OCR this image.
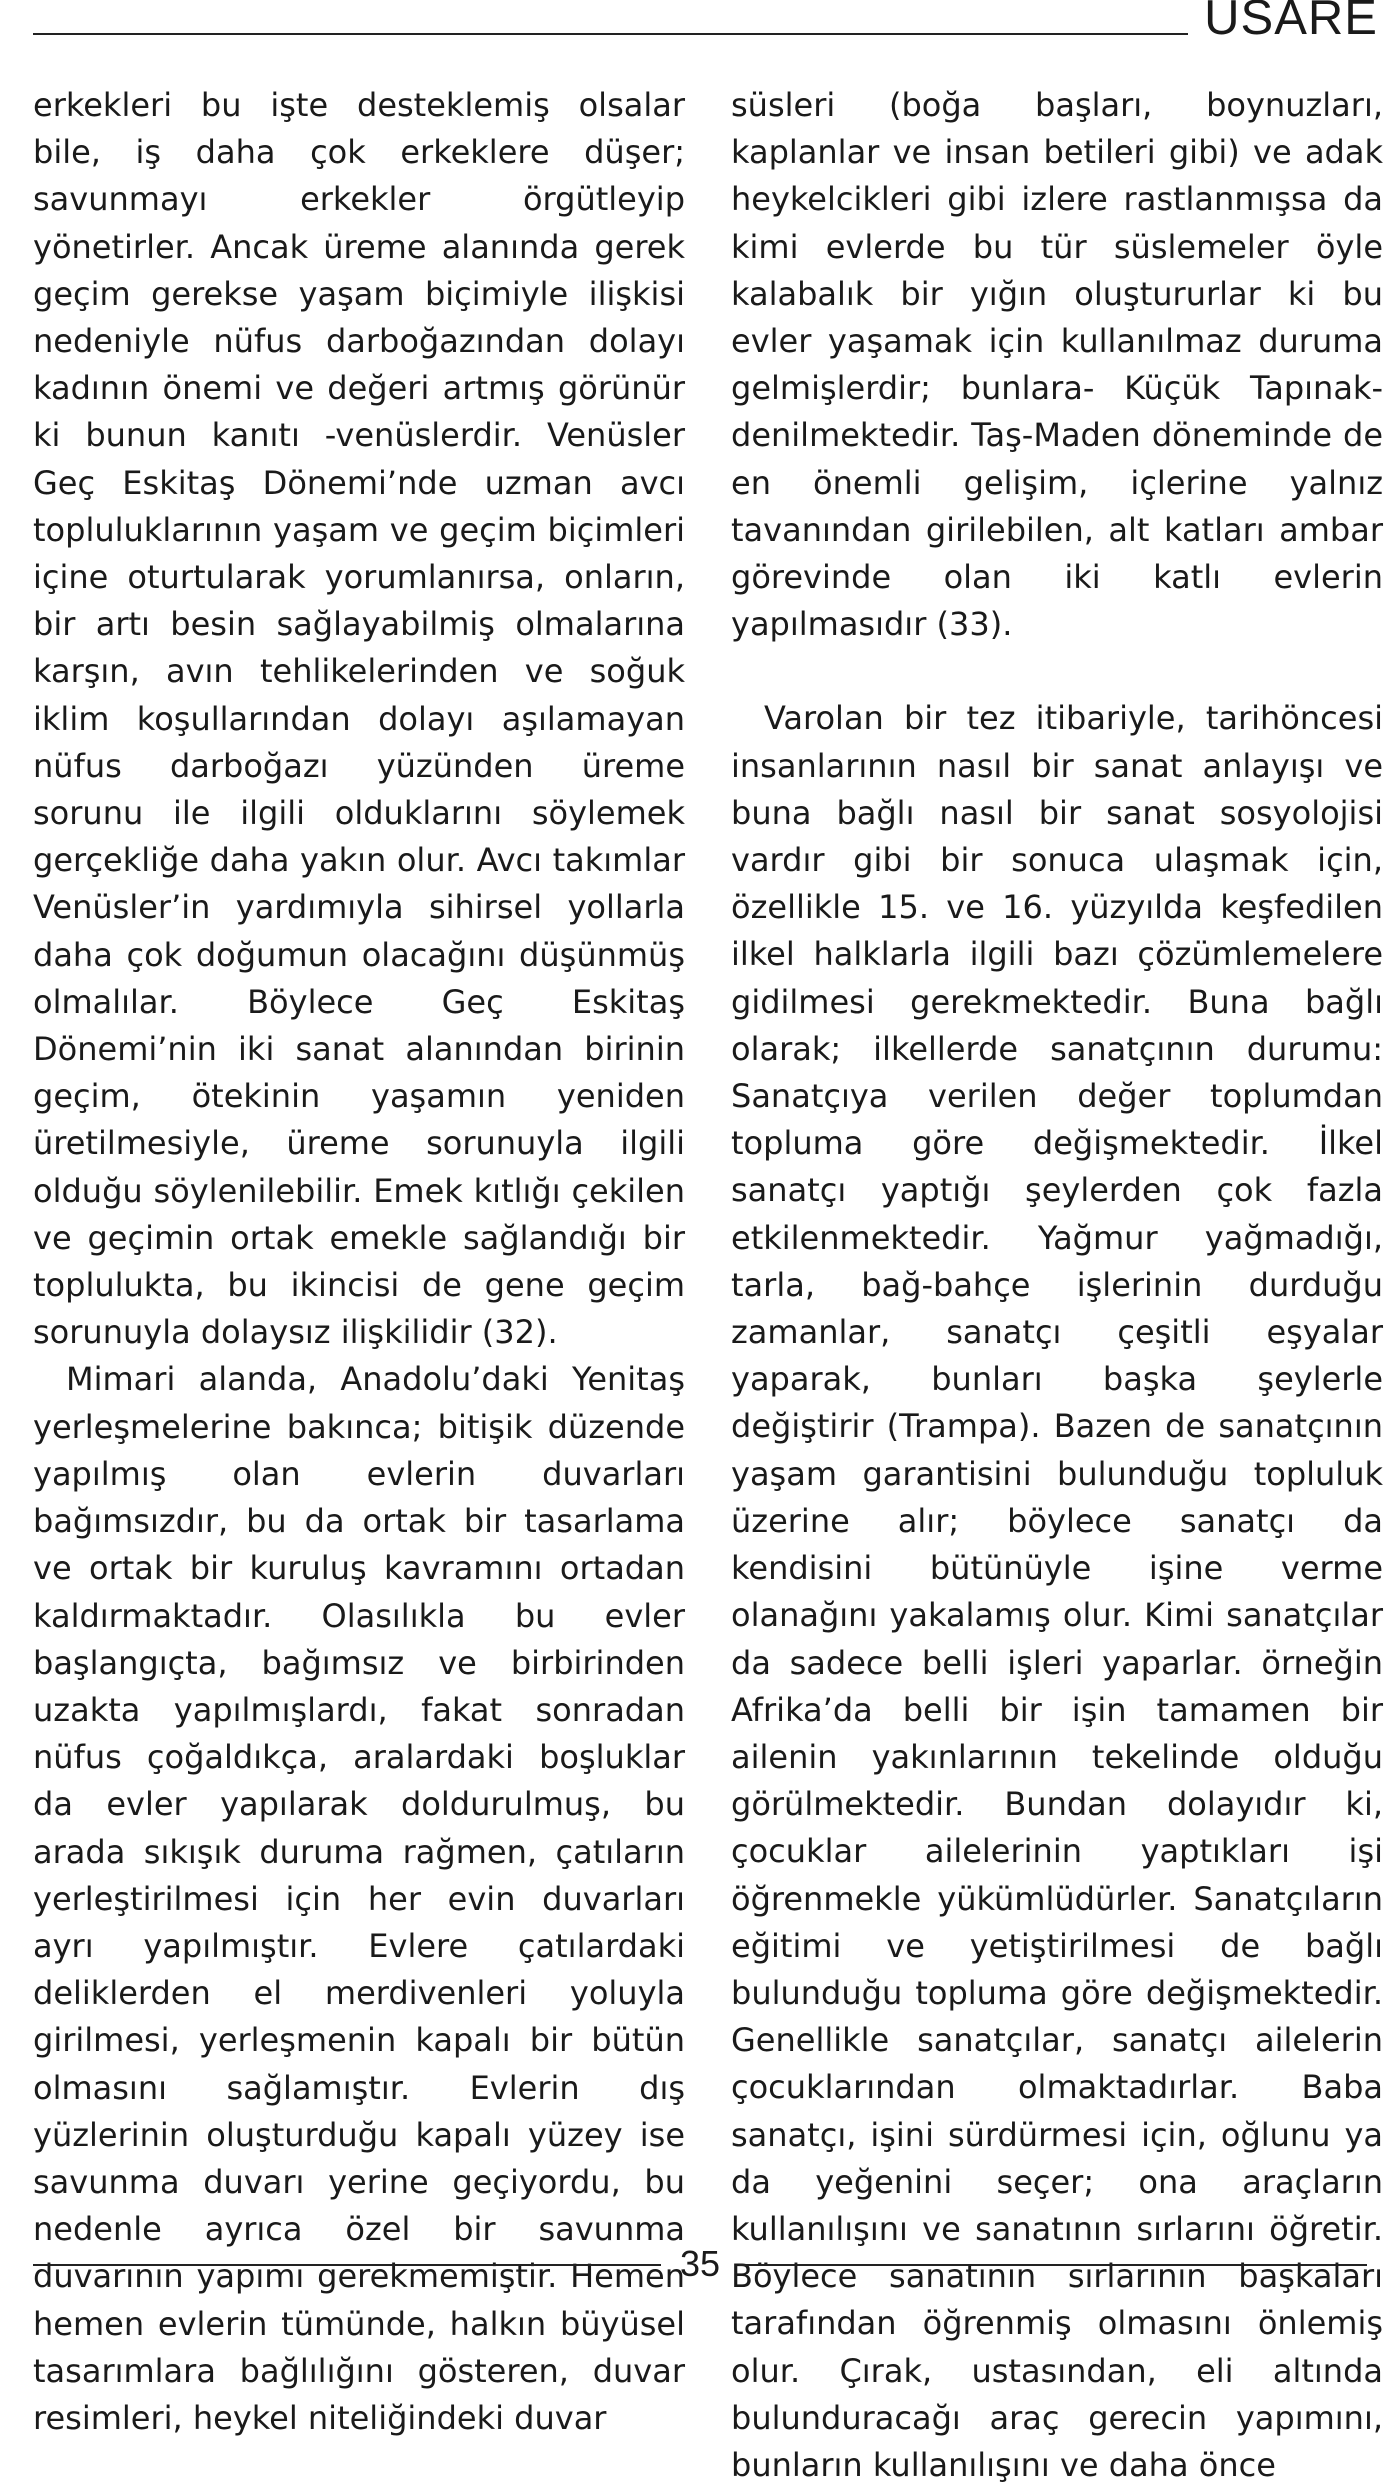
USARE

erkekleri bu işte desteklemiş olsalar bile, iş daha çok erkeklere düşer; savunmayı erkekler örgütleyip yönetirler. Ancak üreme alanında gerek geçim gerekse yaşam biçimiyle ilişkisi nedeniyle nüfus darboğazından dolayı kadının önemi ve değeri artmış görünür ki bunun kanıtı -venüslerdir. Venüsler Geç Eskitaş Dönemi’nde uzman avcı topluluklarının yaşam ve geçim biçimleri içine oturtularak yorumlanırsa, onların, bir artı besin sağlayabilmiş olmalarına karşın, avın tehlikelerinden ve soğuk iklim koşullarından dolayı aşılamayan nüfus darboğazı yüzünden üreme sorunu ile ilgili olduklarını söylemek gerçekliğe daha yakın olur. Avcı takımlar Venüsler’in yardımıyla sihirsel yollarla daha çok doğumun olacağını düşünmüş olmalılar. Böylece Geç Eskitaş Dönemi’nin iki sanat alanından birinin geçim, ötekinin yaşamın yeniden üretilmesiyle, üreme sorunuyla ilgili olduğu söylenilebilir. Emek kıtlığı çekilen ve geçimin ortak emekle sağlandığı bir toplulukta, bu ikincisi de gene geçim sorunuyla dolaysız ilişkilidir (32).

Mimari alanda, Anadolu’daki Yenitaş yerleşmelerine bakınca; bitişik düzende yapılmış olan evlerin duvarları bağımsızdır, bu da ortak bir tasarlama ve ortak bir kuruluş kavramını ortadan kaldırmaktadır. Olasılıkla bu evler başlangıçta, bağımsız ve birbirinden uzakta yapılmışlardı, fakat sonradan nüfus çoğaldıkça, aralardaki boşluklar da evler yapılarak doldurulmuş, bu arada sıkışık duruma rağmen, çatıların yerleştirilmesi için her evin duvarları ayrı yapılmıştır. Evlere çatılardaki deliklerden el merdivenleri yoluyla girilmesi, yerleşmenin kapalı bir bütün olmasını sağlamıştır. Evlerin dış yüzlerinin oluşturduğu kapalı yüzey ise savunma duvarı yerine geçiyordu, bu nedenle ayrıca özel bir savunma duvarının yapımı gerekmemiştir. Hemen hemen evlerin tümünde, halkın büyüsel tasarımlara bağlılığını gösteren, duvar resimleri, heykel niteliğindeki duvar

süsleri (boğa başları, boynuzları, kaplanlar ve insan betileri gibi) ve adak heykelcikleri gibi izlere rastlanmışsa da kimi evlerde bu tür süslemeler öyle kalabalık bir yığın oluştururlar ki bu evler yaşamak için kullanılmaz duruma gelmişlerdir; bunlara- Küçük Tapınak- denilmektedir. Taş-Maden döneminde de en önemli gelişim, içlerine yalnız tavanından girilebilen, alt katları ambar görevinde olan iki katlı evlerin yapılmasıdır (33).

Varolan bir tez itibariyle, tarihöncesi insanlarının nasıl bir sanat anlayışı ve buna bağlı nasıl bir sanat sosyolojisi vardır gibi bir sonuca ulaşmak için, özellikle 15. ve 16. yüzyılda keşfedilen ilkel halklarla ilgili bazı çözümlemelere gidilmesi gerekmektedir. Buna bağlı olarak; ilkellerde sanatçının durumu: Sanatçıya verilen değer toplumdan topluma göre değişmektedir. İlkel sanatçı yaptığı şeylerden çok fazla etkilenmektedir. Yağmur yağmadığı, tarla, bağ-bahçe işlerinin durduğu zamanlar, sanatçı çeşitli eşyalar yaparak, bunları başka şeylerle değiştirir (Trampa). Bazen de sanatçının yaşam garantisini bulunduğu topluluk üzerine alır; böylece sanatçı da kendisini bütünüyle işine verme olanağını yakalamış olur. Kimi sanatçılar da sadece belli işleri yaparlar. örneğin Afrika’da belli bir işin tamamen bir ailenin yakınlarının tekelinde olduğu görülmektedir. Bundan dolayıdır ki, çocuklar ailelerinin yaptıkları işi öğrenmekle yükümlüdürler. Sanatçıların eğitimi ve yetiştirilmesi de bağlı bulunduğu topluma göre değişmektedir. Genellikle sanatçılar, sanatçı ailelerin çocuklarından olmaktadırlar. Baba sanatçı, işini sürdürmesi için, oğlunu ya da yeğenini seçer; ona araçların kullanılışını ve sanatının sırlarını öğretir. Böylece sanatının sırlarının başkaları tarafından öğrenmiş olmasını önlemiş olur. Çırak, ustasından, eli altında bulunduracağı araç gerecin yapımını, bunların kullanılışını ve daha önce

35
